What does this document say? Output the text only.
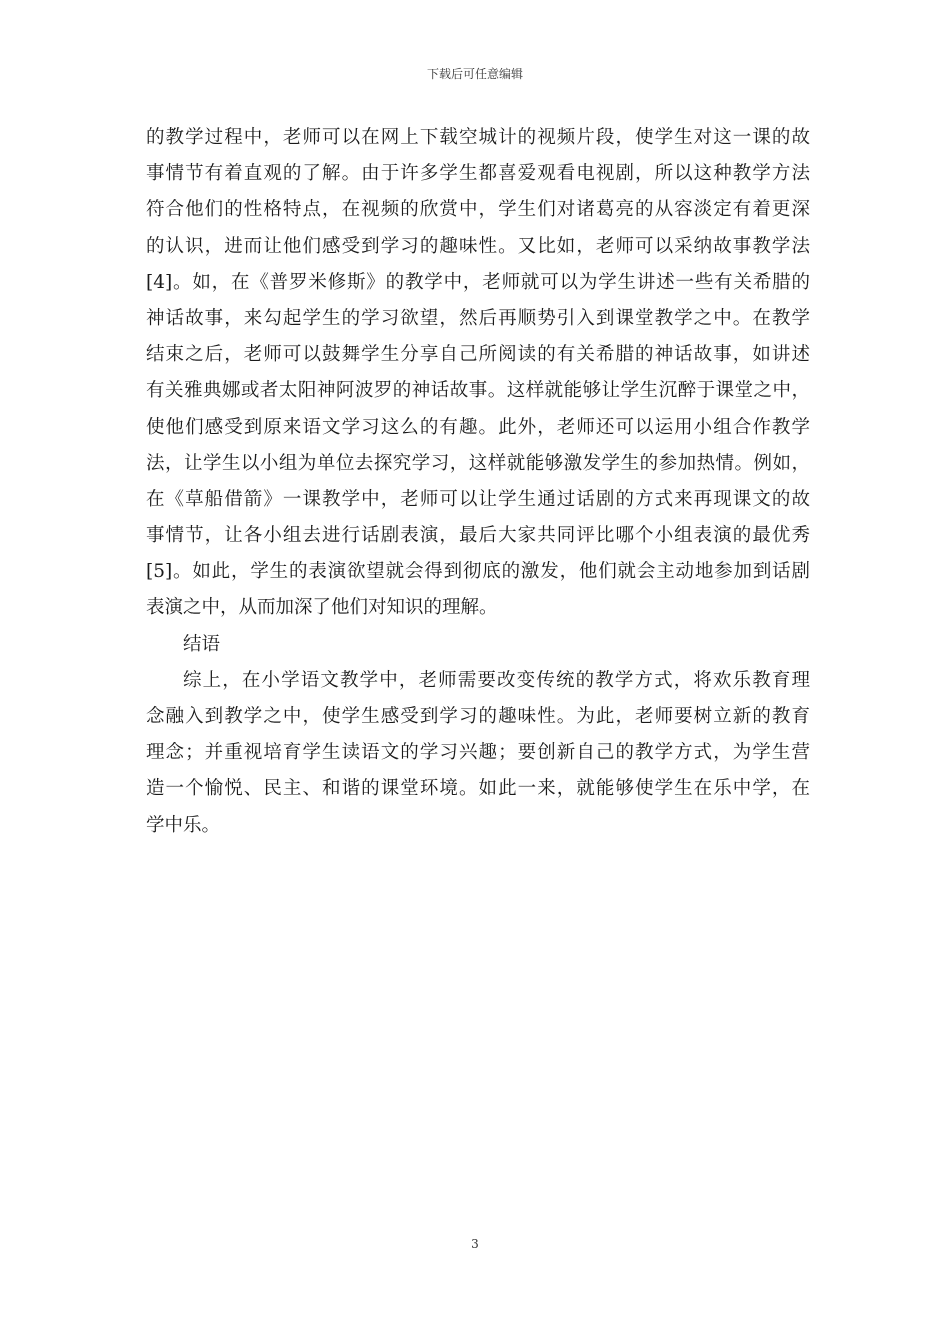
下载后可任意编辑
的教学过程中，老师可以在网上下载空城计的视频片段，使学生对这一课的故
事情节有着直观的了解。由于许多学生都喜爱观看电视剧，所以这种教学方法
符合他们的性格特点，在视频的欣赏中，学生们对诸葛亮的从容淡定有着更深
的认识，进而让他们感受到学习的趣味性。又比如，老师可以采纳故事教学法
[4]。如，在《普罗米修斯》的教学中，老师就可以为学生讲述一些有关希腊的
神话故事，来勾起学生的学习欲望，然后再顺势引入到课堂教学之中。在教学
结束之后，老师可以鼓舞学生分享自己所阅读的有关希腊的神话故事，如讲述
有关雅典娜或者太阳神阿波罗的神话故事。这样就能够让学生沉醉于课堂之中，
使他们感受到原来语文学习这么的有趣。此外，老师还可以运用小组合作教学
法，让学生以小组为单位去探究学习，这样就能够激发学生的参加热情。例如，
在《草船借箭》一课教学中，老师可以让学生通过话剧的方式来再现课文的故
事情节，让各小组去进行话剧表演，最后大家共同评比哪个小组表演的最优秀
[5]。如此，学生的表演欲望就会得到彻底的激发，他们就会主动地参加到话剧
表演之中，从而加深了他们对知识的理解。
结语
综上，在小学语文教学中，老师需要改变传统的教学方式，将欢乐教育理
念融入到教学之中，使学生感受到学习的趣味性。为此，老师要树立新的教育
理念；并重视培育学生读语文的学习兴趣；要创新自己的教学方式，为学生营
造一个愉悦、民主、和谐的课堂环境。如此一来，就能够使学生在乐中学，在
学中乐。
3
